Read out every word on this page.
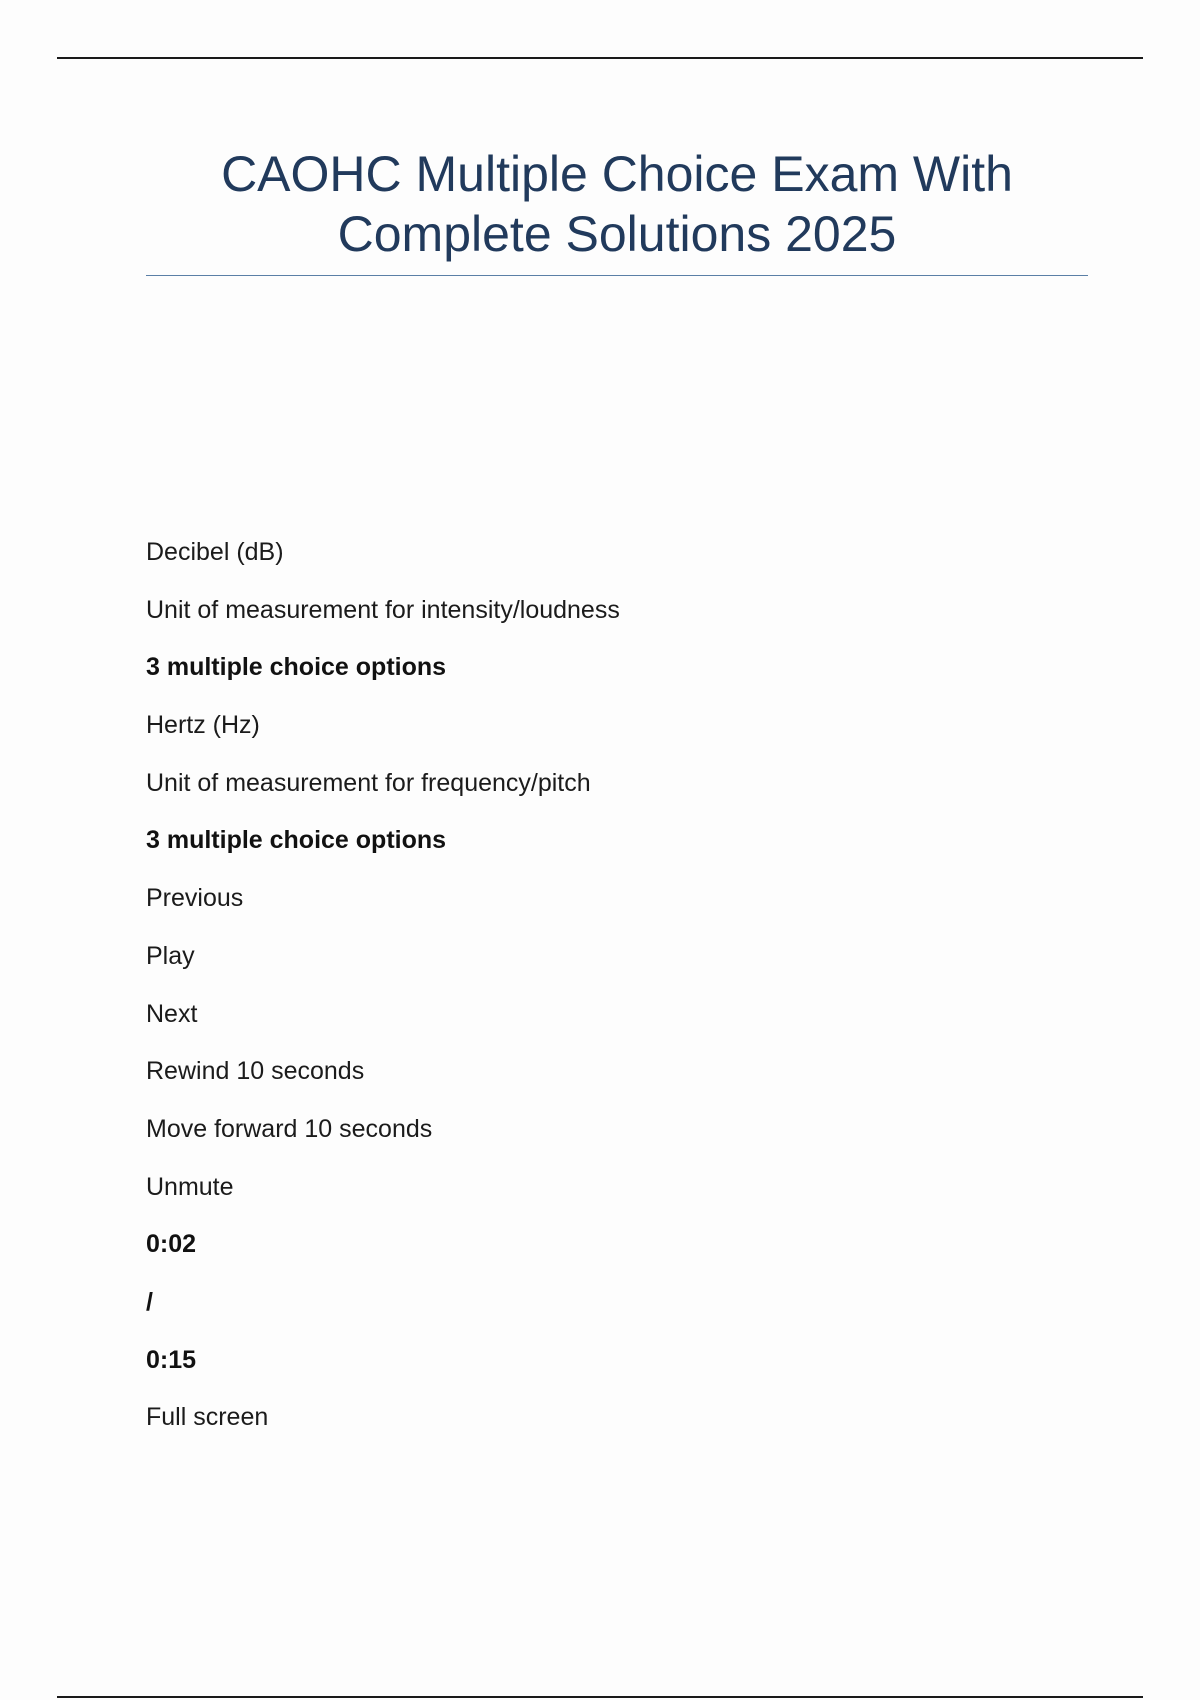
CAOHC Multiple Choice Exam With
Complete Solutions 2025
Decibel (dB)
Unit of measurement for intensity/loudness
3 multiple choice options
Hertz (Hz)
Unit of measurement for frequency/pitch
3 multiple choice options
Previous
Play
Next
Rewind 10 seconds
Move forward 10 seconds
Unmute
0:02
/
0:15
Full screen
